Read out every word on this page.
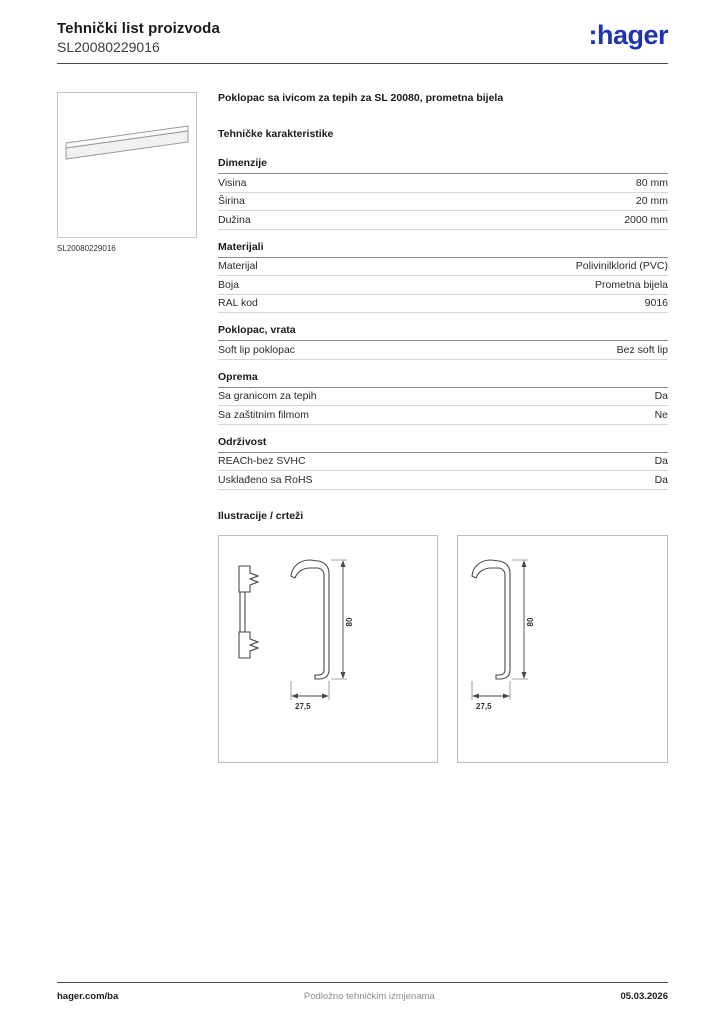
Tehnički list proizvoda
SL20080229016	:hager
SL20080229016
Poklopac sa ivicom za tepih za SL 20080, prometna bijela
Tehničke karakteristike
Dimenzije
Visina	80 mm
Širina	20 mm
Dužina	2000 mm
Materijali
Materijal	Polivinilklorid (PVC)
Boja	Prometna bijela
RAL kod	9016
Poklopac, vrata
Soft lip poklopac	Bez soft lip
Oprema
Sa granicom za tepih	Da
Sa zaštitnim filmom	Ne
Održivost
REACh-bez SVHC	Da
Usklađeno sa RoHS	Da
Ilustracije / crteži
80
27,5
80
27,5
hager.com/ba	Podložno tehničkim izmjenama	05.03.2026
